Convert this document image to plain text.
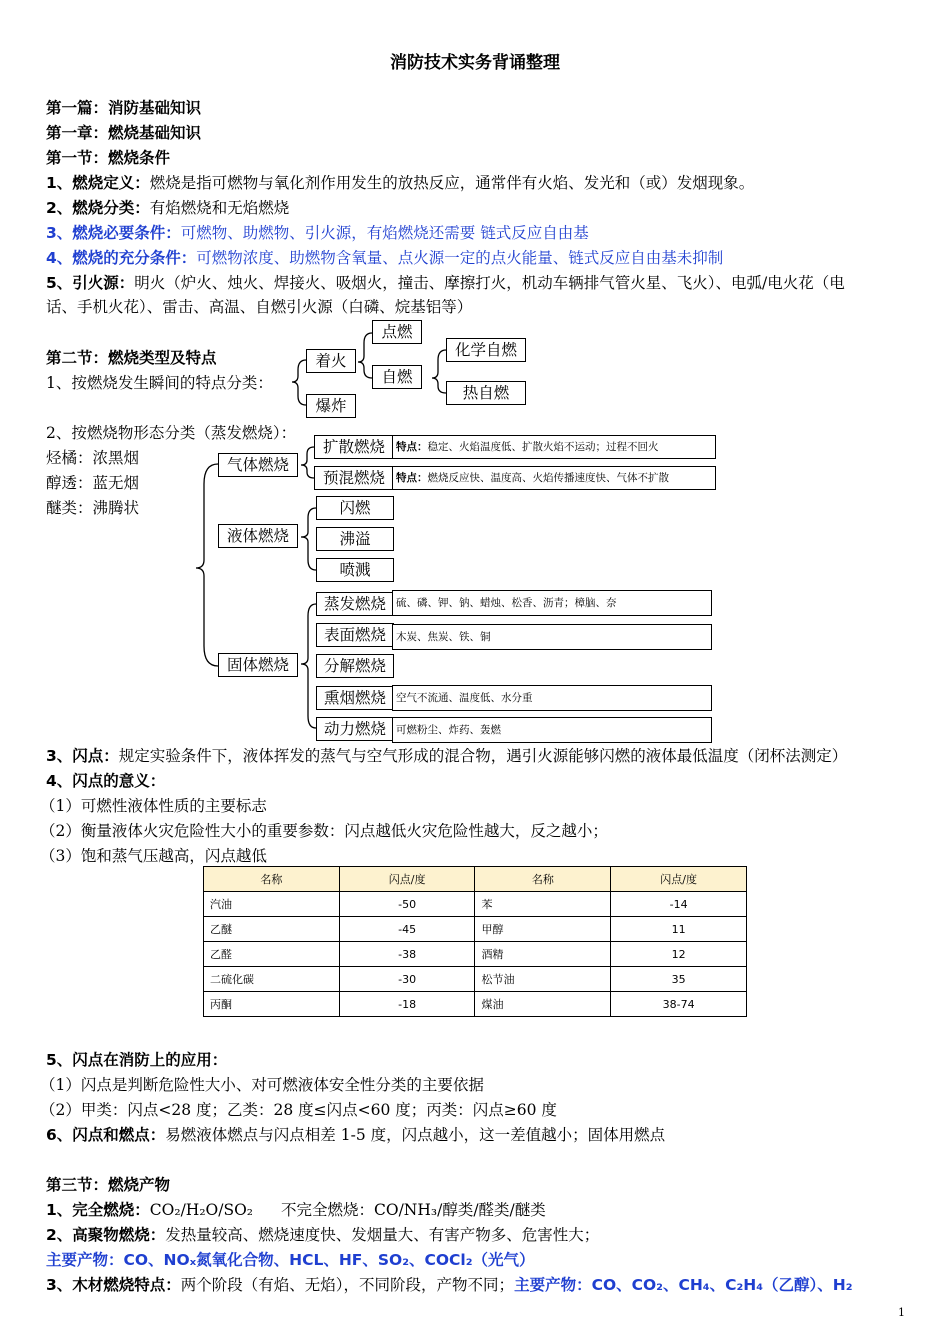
消防技术实务背诵整理
第一篇：消防基础知识
第一章：燃烧基础知识
第一节：燃烧条件
1、燃烧定义：燃烧是指可燃物与氧化剂作用发生的放热反应，通常伴有火焰、发光和（或）发烟现象。
2、燃烧分类：有焰燃烧和无焰燃烧
3、燃烧必要条件：可燃物、助燃物、引火源，有焰燃烧还需要 链式反应自由基
4、燃烧的充分条件：可燃物浓度、助燃物含氧量、点火源一定的点火能量、链式反应自由基未抑制
5、引火源：明火（炉火、烛火、焊接火、吸烟火，撞击、摩擦打火，机动车辆排气管火星、飞火）、电弧/电火花（电
话、手机火花）、雷击、高温、自燃引火源（白磷、烷基铝等）
第二节：燃烧类型及特点
1、按燃烧发生瞬间的特点分类：
着火
爆炸
点燃
自燃
化学自燃
热自燃
2、按燃烧物形态分类（蒸发燃烧）：
烃橘：浓黑烟
醇透：蓝无烟
醚类：沸腾状
气体燃烧
液体燃烧
固体燃烧
扩散燃烧
预混燃烧
特点：稳定、火焰温度低、扩散火焰不运动；过程不回火
特点：燃烧反应快、温度高、火焰传播速度快、气体不扩散
闪燃
沸溢
喷溅
蒸发燃烧
表面燃烧
分解燃烧
熏烟燃烧
动力燃烧
硫、磷、钾、钠、蜡烛、松香、沥青；樟脑、奈
木炭、焦炭、铁、铜
空气不流通、温度低、水分重
可燃粉尘、炸药、轰燃
3、闪点：规定实验条件下，液体挥发的蒸气与空气形成的混合物，遇引火源能够闪燃的液体最低温度（闭杯法测定）
4、闪点的意义：
（1）可燃性液体性质的主要标志
（2）衡量液体火灾危险性大小的重要参数：闪点越低火灾危险性越大，反之越小；
（3）饱和蒸气压越高，闪点越低
名称	闪点/度	名称	闪点/度
汽油	-50	苯	-14
乙醚	-45	甲醇	11
乙醛	-38	酒精	12
二硫化碳	-30	松节油	35
丙酮	-18	煤油	38-74
5、闪点在消防上的应用：
（1）闪点是判断危险性大小、对可燃液体安全性分类的主要依据
（2）甲类：闪点<28 度；乙类：28 度≤闪点<60 度；丙类：闪点≥60 度
6、闪点和燃点：易燃液体燃点与闪点相差 1-5 度，闪点越小，这一差值越小；固体用燃点
第三节：燃烧产物
1、完全燃烧：CO₂/H₂O/SO₂ 不完全燃烧：CO/NH₃/醇类/醛类/醚类
2、高聚物燃烧：发热量较高、燃烧速度快、发烟量大、有害产物多、危害性大；
主要产物：CO、NOₓ氮氧化合物、HCL、HF、SO₂、COCl₂（光气）
3、木材燃烧特点：两个阶段（有焰、无焰），不同阶段，产物不同；主要产物：CO、CO₂、CH₄、C₂H₄（乙醇）、H₂
1
